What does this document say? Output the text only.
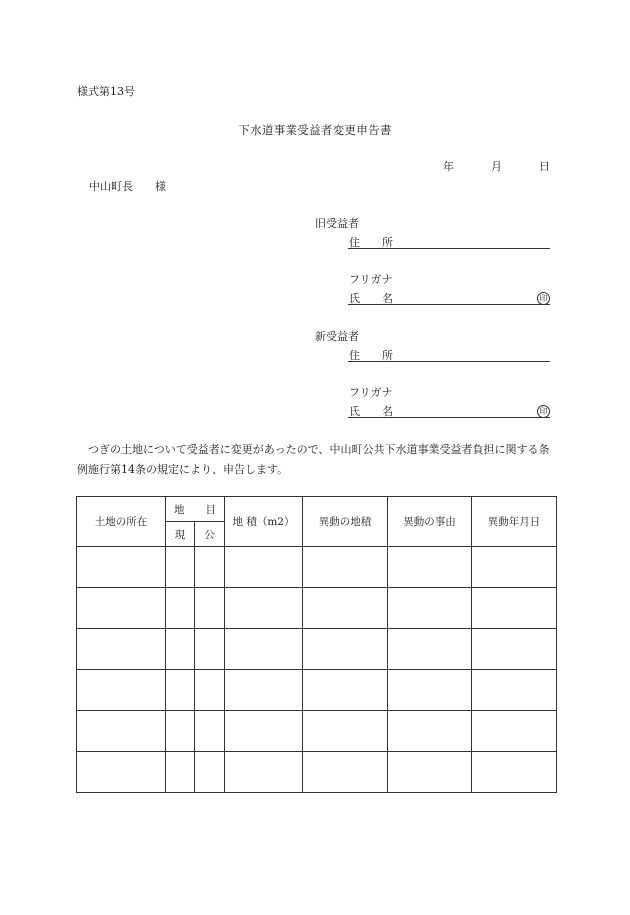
様式第13号
下水道事業受益者変更申告書
年	月	日
中山町長　　様
旧受益者
住　　所
フリガナ
氏　　名	印
新受益者
住　　所
フリガナ
氏　　名	印
つぎの土地について受益者に変更があったので、中山町公共下水道事業受益者負担に関する条例施行第14条の規定により、申告します。
土地の所在	地　　目		地 積（m2）	異動の地積	異動の事由	異動年月日
	現	公				
